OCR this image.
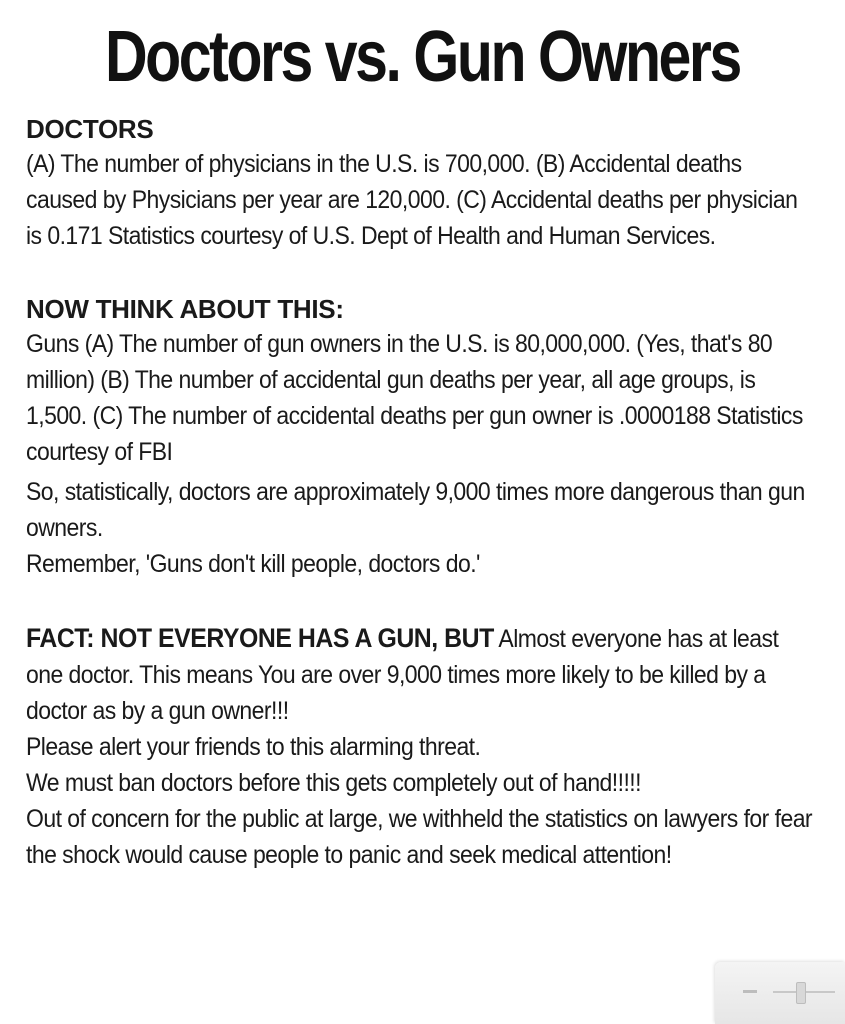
Doctors vs. Gun Owners

DOCTORS

(A) The number of physicians in the U.S. is 700,000. (B) Accidental deaths caused by Physicians per year are 120,000. (C) Accidental deaths per physician is 0.171 Statistics courtesy of U.S. Dept of Health and Human Services.

NOW THINK ABOUT THIS:

Guns (A) The number of gun owners in the U.S. is 80,000,000. (Yes, that's 80 million) (B) The number of accidental gun deaths per year, all age groups, is 1,500. (C) The number of accidental deaths per gun owner is .0000188 Statistics courtesy of FBI

So, statistically, doctors are approximately 9,000 times more dangerous than gun owners.

Remember, 'Guns don't kill people, doctors do.'

FACT: NOT EVERYONE HAS A GUN, BUT Almost everyone has at least one doctor. This means You are over 9,000 times more likely to be killed by a doctor as by a gun owner!!!

Please alert your friends to this alarming threat.

We must ban doctors before this gets completely out of hand!!!!!

Out of concern for the public at large, we withheld the statistics on lawyers for fear the shock would cause people to panic and seek medical attention!
